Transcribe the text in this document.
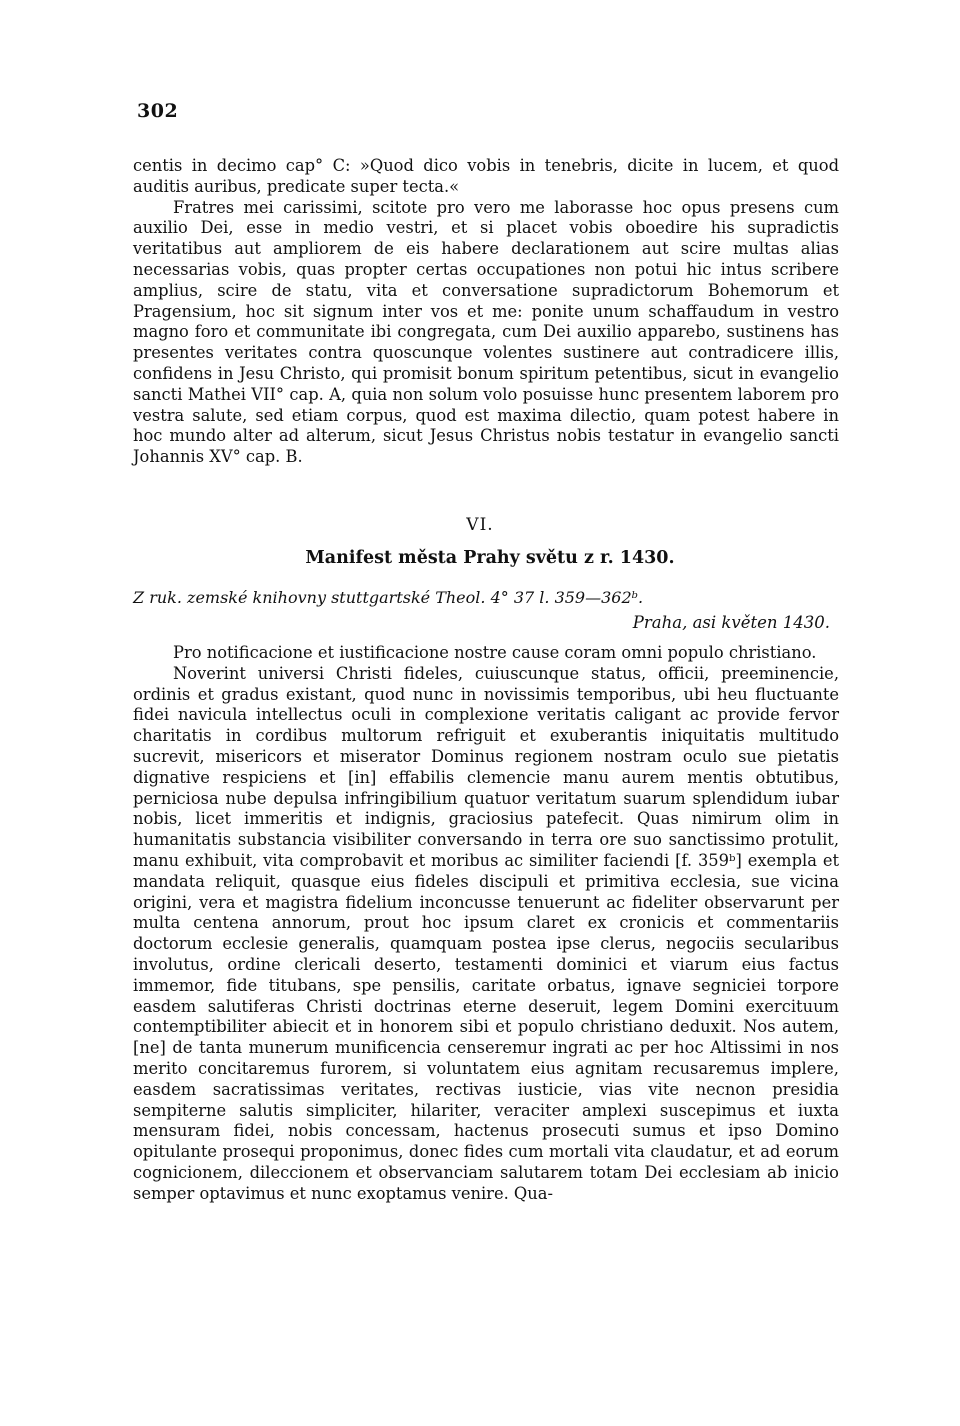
302

centis in decimo cap° C: »Quod dico vobis in tenebris, dicite in lucem, et quod auditis auribus, predicate super tecta.«

Fratres mei carissimi, scitote pro vero me laborasse hoc opus presens cum auxilio Dei, esse in medio vestri, et si placet vobis oboedire his supradictis veritatibus aut ampliorem de eis habere declarationem aut scire multas alias necessarias vobis, quas propter certas occupationes non potui hic intus scribere amplius, scire de statu, vita et conversatione supradictorum Bohemorum et Pragensium, hoc sit signum inter vos et me: ponite unum schaffaudum in vestro magno foro et communitate ibi congregata, cum Dei auxilio apparebo, sustinens has presentes veritates contra quoscunque volentes sustinere aut contradicere illis, confidens in Jesu Christo, qui promisit bonum spiritum petentibus, sicut in evangelio sancti Mathei VII° cap. A, quia non solum volo posuisse hunc presentem laborem pro vestra salute, sed etiam corpus, quod est maxima dilectio, quam potest habere in hoc mundo alter ad alterum, sicut Jesus Christus nobis testatur in evangelio sancti Johannis XV° cap. B.

VI.
Manifest města Prahy světu z r. 1430.
Z ruk. zemské knihovny stuttgartské Theol. 4° 37 l. 359—362ᵇ.
Praha, asi květen 1430.

Pro notificacione et iustificacione nostre cause coram omni populo christiano.

Noverint universi Christi fideles, cuiuscunque status, officii, preeminencie, ordinis et gradus existant, quod nunc in novissimis temporibus, ubi heu fluctuante fidei navicula intellectus oculi in complexione veritatis caligant ac provide fervor charitatis in cordibus multorum refriguit et exuberantis iniquitatis multitudo sucrevit, misericors et miserator Dominus regionem nostram oculo sue pietatis dignative respiciens et [in] effabilis clemencie manu aurem mentis obtutibus, perniciosa nube depulsa infringibilium quatuor veritatum suarum splendidum iubar nobis, licet immeritis et indignis, graciosius patefecit. Quas nimirum olim in humanitatis substancia visibiliter conversando in terra ore suo sanctissimo protulit, manu exhibuit, vita comprobavit et moribus ac similiter faciendi [f. 359ᵇ] exempla et mandata reliquit, quasque eius fideles discipuli et primitiva ecclesia, sue vicina origini, vera et magistra fidelium inconcusse tenuerunt ac fideliter observarunt per multa centena annorum, prout hoc ipsum claret ex cronicis et commentariis doctorum ecclesie generalis, quamquam postea ipse clerus, negociis secularibus involutus, ordine clericali deserto, testamenti dominici et viarum eius factus immemor, fide titubans, spe pensilis, caritate orbatus, ignave segniciei torpore easdem salutiferas Christi doctrinas eterne deseruit, legem Domini exercituum contemptibiliter abiecit et in honorem sibi et populo christiano deduxit. Nos autem, [ne] de tanta munerum munificencia censeremur ingrati ac per hoc Altissimi in nos merito concitaremus furorem, si voluntatem eius agnitam recusaremus implere, easdem sacratissimas veritates, rectivas iusticie, vias vite necnon presidia sempiterne salutis simpliciter, hilariter, veraciter amplexi suscepimus et iuxta mensuram fidei, nobis concessam, hactenus prosecuti sumus et ipso Domino opitulante prosequi proponimus, donec fides cum mortali vita claudatur, et ad eorum cognicionem, dileccionem et observanciam salutarem totam Dei ecclesiam ab inicio semper optavimus et nunc exoptamus venire. Qua-
